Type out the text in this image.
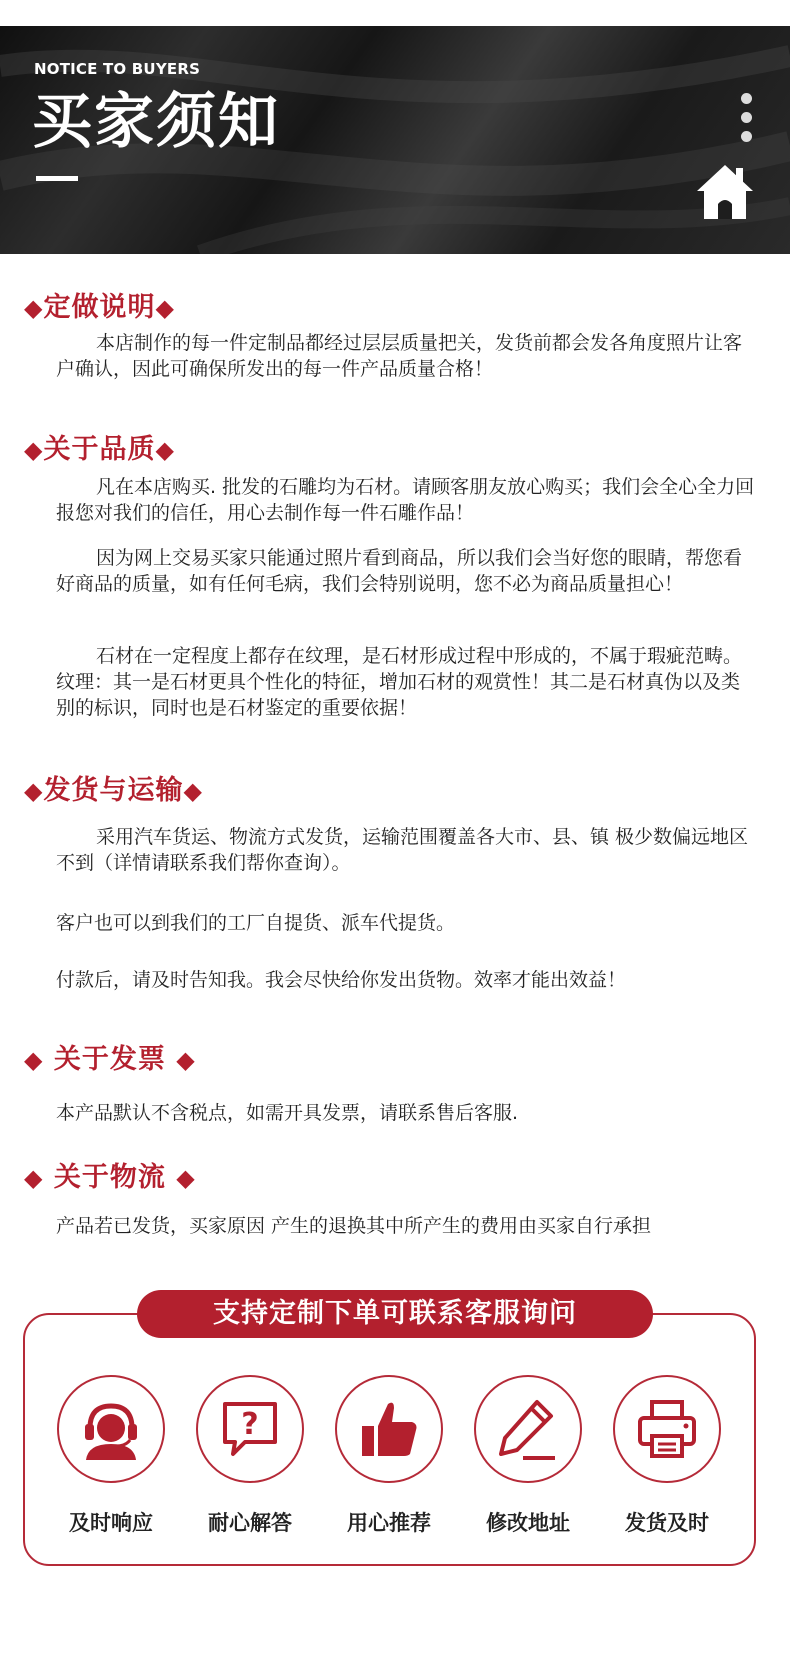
NOTICE TO BUYERS
买家须知
◆定做说明◆
本店制作的每一件定制品都经过层层质量把关，发货前都会发各角度照片让客户确认，因此可确保所发出的每一件产品质量合格！
◆关于品质◆
凡在本店购买. 批发的石雕均为石材。请顾客朋友放心购买；我们会全心全力回报您对我们的信任，用心去制作每一件石雕作品！
因为网上交易买家只能通过照片看到商品，所以我们会当好您的眼睛，帮您看好商品的质量，如有任何毛病，我们会特别说明，您不必为商品质量担心！
石材在一定程度上都存在纹理，是石材形成过程中形成的，不属于瑕疵范畴。纹理：其一是石材更具个性化的特征，增加石材的观赏性！其二是石材真伪以及类别的标识，同时也是石材鉴定的重要依据！
◆发货与运输◆
采用汽车货运、物流方式发货，运输范围覆盖各大市、县、镇 极少数偏远地区不到（详情请联系我们帮你查询）。
客户也可以到我们的工厂自提货、派车代提货。
付款后，请及时告知我。我会尽快给你发出货物。效率才能出效益！
◆ 关于发票 ◆
本产品默认不含税点，如需开具发票，请联系售后客服.
◆ 关于物流 ◆
产品若已发货，买家原因 产生的退换其中所产生的费用由买家自行承担
支持定制下单可联系客服询问
及时响应
?
耐心解答	用心推荐	修改地址	发货及时
